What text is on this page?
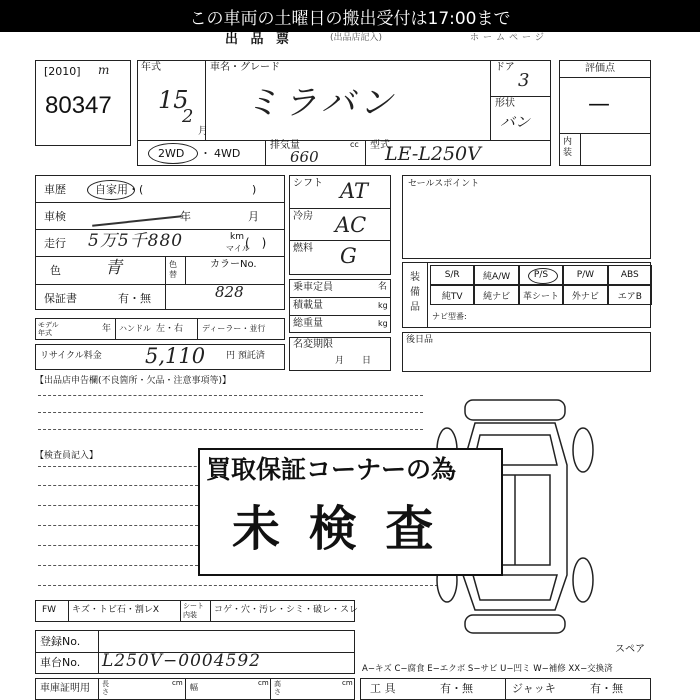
この車両の土曜日の搬出受付は17:00まで
出 品 票	(出品店記入)	ホームページ
[2010] m
80347
年式
15
2
月
車名・グレード
ミラバン
ドア
3
形状
バン
2WD ・ 4WD
排気量
660
cc 型式
LE-L250V
評価点
—
内装
車歴	自家用・(	)
車検	年	月
走行 5万5千880	km
マイル
(　)
色	青	色替
カラーNo.
828
保証書	有・無
モデル年式	年 ハンドル 左・右 ディーラー・並行
リサイクル料金 5,110 円 預託済
シフト AT
冷房 AC
燃料 G
乗車定員	名
積載量	kg
総重量	kg
名変期限
月日
セールスポイント
装備品
S/R	純A/W	P/S	P/W	ABS
純TV	純ナビ	革シート	外ナビ	エアB
ナビ型番:
後日品
【出品店申告欄(不良箇所・欠品・注意事項等)】
【検査員記入】	買取保証コーナーの為
未 検 査
FW キズ・トビ石・割レX	シート内装
コゲ・穴・汚レ・シミ・破レ・スレ
登録No.
車台No. L250V−0004592
車庫証明用 長さ
cm 幅	cm 高さ
cm
スペア
A−キズ C−腐食 E−エクボ S−サビ U−凹ミ W−補修 XX−交換済
工 具	有・無	ジャッキ	有・無
